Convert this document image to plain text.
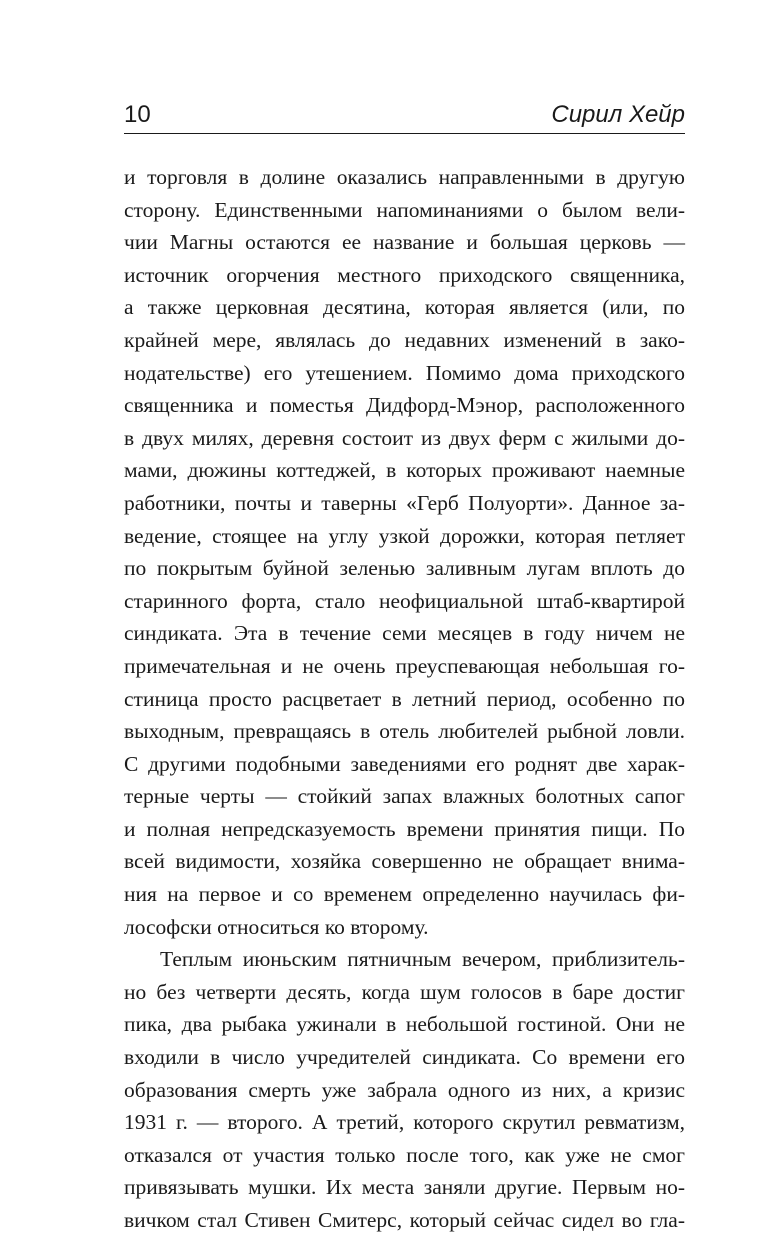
10	Сирил Хейр
и торговля в долине оказались направленными в другую
сторону. Единственными напоминаниями о былом вели-
чии Магны остаются ее название и большая церковь —
источник огорчения местного приходского священника,
а также церковная десятина, которая является (или, по
крайней мере, являлась до недавних изменений в зако-
нодательстве) его утешением. Помимо дома приходского
священника и поместья Дидфорд-Мэнор, расположенного
в двух милях, деревня состоит из двух ферм с жилыми до-
мами, дюжины коттеджей, в которых проживают наемные
работники, почты и таверны «Герб Полуорти». Данное за-
ведение, стоящее на углу узкой дорожки, которая петляет
по покрытым буйной зеленью заливным лугам вплоть до
старинного форта, стало неофициальной штаб-квартирой
синдиката. Эта в течение семи месяцев в году ничем не
примечательная и не очень преуспевающая небольшая го-
стиница просто расцветает в летний период, особенно по
выходным, превращаясь в отель любителей рыбной ловли.
С другими подобными заведениями его роднят две харак-
терные черты — стойкий запах влажных болотных сапог
и полная непредсказуемость времени принятия пищи. По
всей видимости, хозяйка совершенно не обращает внима-
ния на первое и со временем определенно научилась фи-
лософски относиться ко второму.
Теплым июньским пятничным вечером, приблизитель-
но без четверти десять, когда шум голосов в баре достиг
пика, два рыбака ужинали в небольшой гостиной. Они не
входили в число учредителей синдиката. Со времени его
образования смерть уже забрала одного из них, а кризис
1931 г. — второго. А третий, которого скрутил ревматизм,
отказался от участия только после того, как уже не смог
привязывать мушки. Их места заняли другие. Первым но-
вичком стал Стивен Смитерс, который сейчас сидел во гла-
